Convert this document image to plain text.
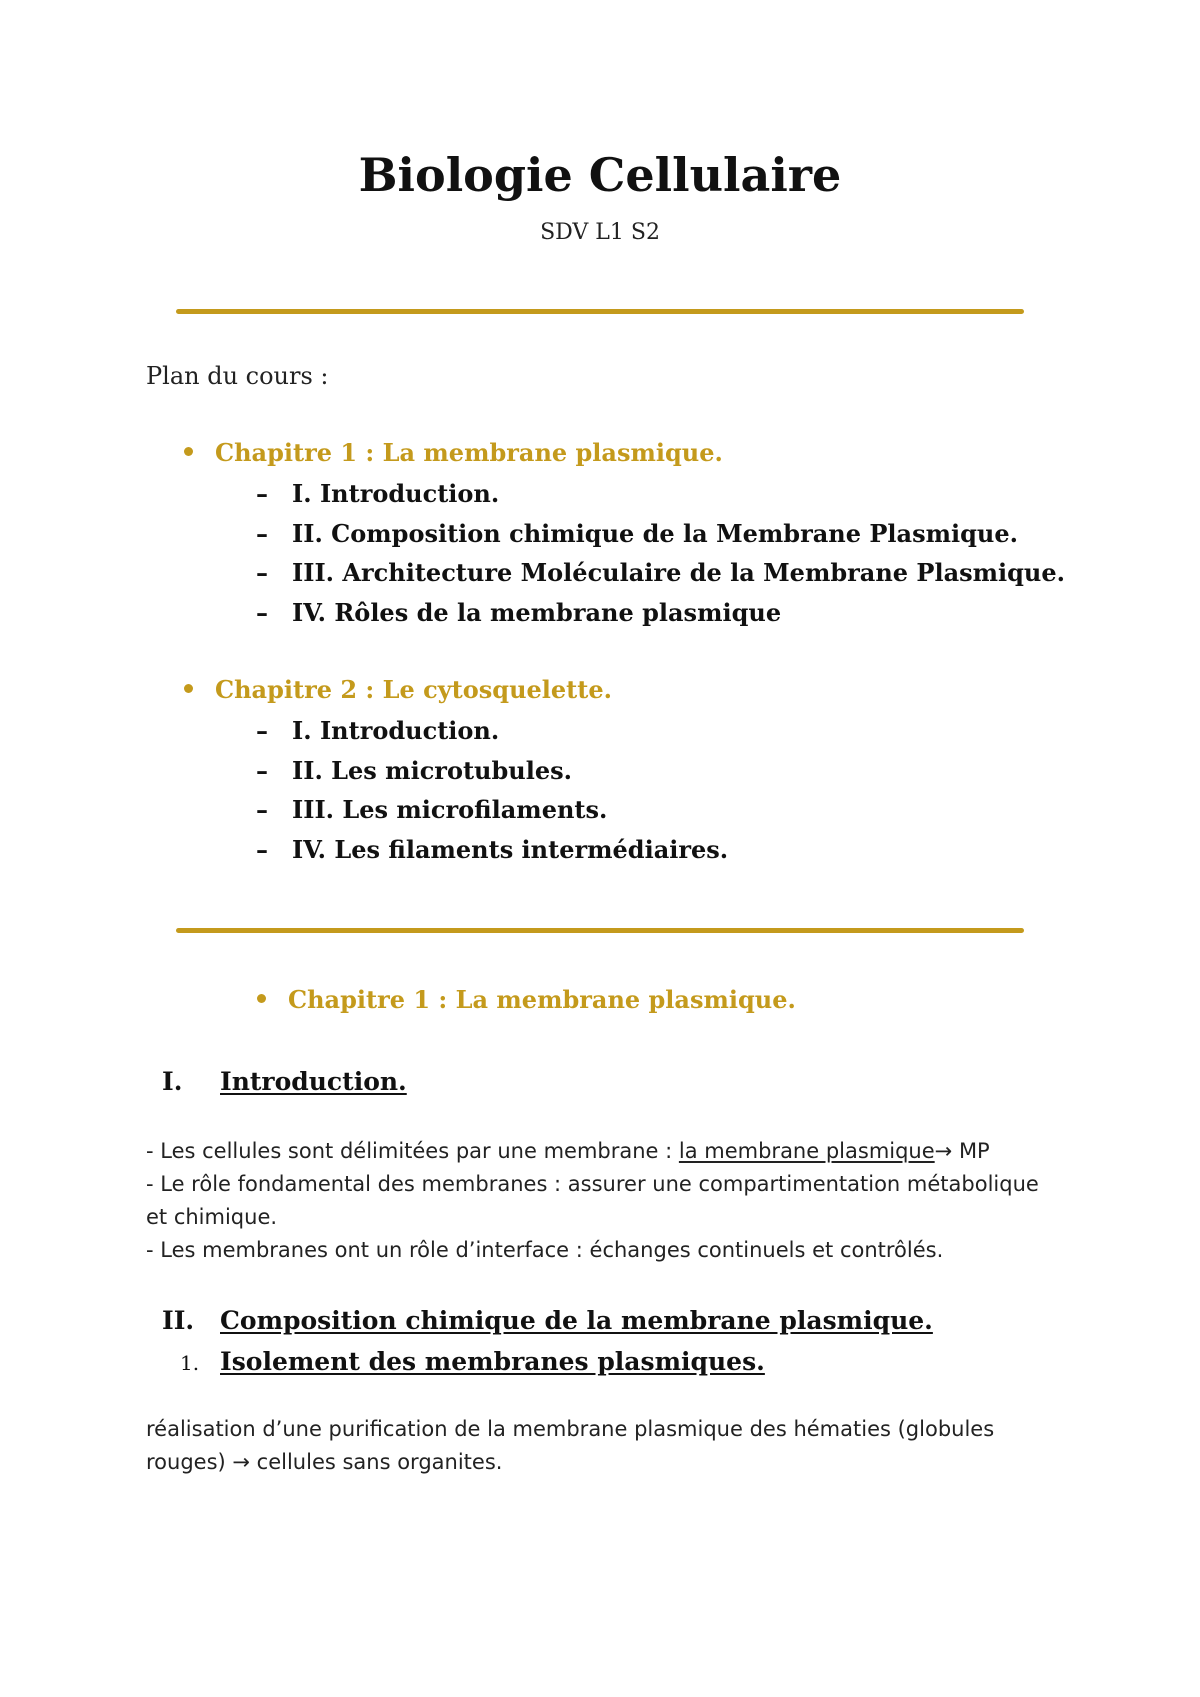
Biologie Cellulaire
SDV L1 S2
Plan du cours :
Chapitre 1 : La membrane plasmique.
– I. Introduction.
– II. Composition chimique de la Membrane Plasmique.
– III. Architecture Moléculaire de la Membrane Plasmique.
– IV. Rôles de la membrane plasmique
Chapitre 2 : Le cytosquelette.
– I. Introduction.
– II. Les microtubules.
– III. Les microfilaments.
– IV. Les filaments intermédiaires.
Chapitre 1 : La membrane plasmique.
I. Introduction.

- Les cellules sont délimitées par une membrane : la membrane plasmique→ MP

- Le rôle fondamental des membranes : assurer une compartimentation métabolique et chimique.

- Les membranes ont un rôle d’interface : échanges continuels et contrôlés.

II. Composition chimique de la membrane plasmique.
1. Isolement des membranes plasmiques.

réalisation d’une purification de la membrane plasmique des hématies (globules rouges) → cellules sans organites.
